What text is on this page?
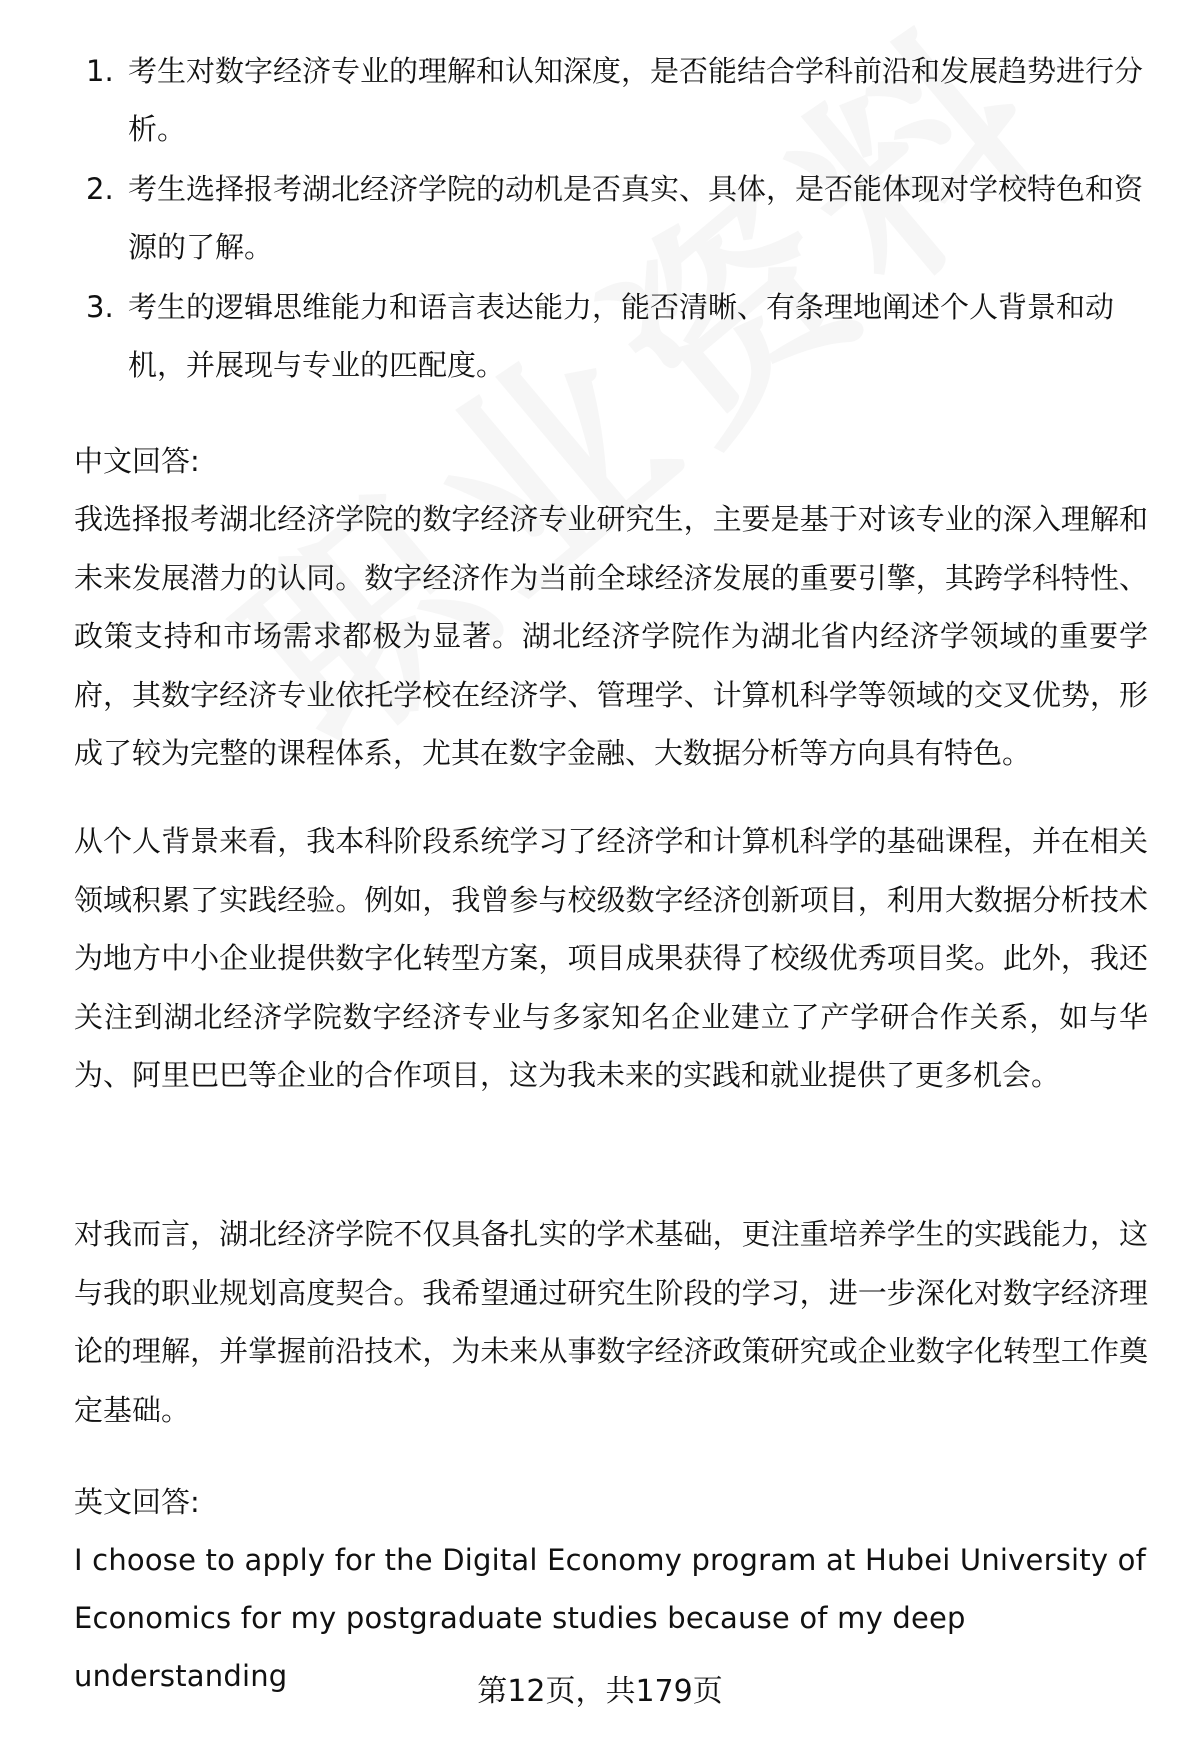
1. 考生对数字经济专业的理解和认知深度，是否能结合学科前沿和发展趋势进行分析。
2. 考生选择报考湖北经济学院的动机是否真实、具体，是否能体现对学校特色和资源的了解。
3. 考生的逻辑思维能力和语言表达能力，能否清晰、有条理地阐述个人背景和动机，并展现与专业的匹配度。

中文回答:

我选择报考湖北经济学院的数字经济专业研究生，主要是基于对该专业的深入理解和未来发展潜力的认同。数字经济作为当前全球经济发展的重要引擎，其跨学科特性、政策支持和市场需求都极为显著。湖北经济学院作为湖北省内经济学领域的重要学府，其数字经济专业依托学校在经济学、管理学、计算机科学等领域的交叉优势，形成了较为完整的课程体系，尤其在数字金融、大数据分析等方向具有特色。

从个人背景来看，我本科阶段系统学习了经济学和计算机科学的基础课程，并在相关领域积累了实践经验。例如，我曾参与校级数字经济创新项目，利用大数据分析技术为地方中小企业提供数字化转型方案，项目成果获得了校级优秀项目奖。此外，我还关注到湖北经济学院数字经济专业与多家知名企业建立了产学研合作关系，如与华为、阿里巴巴等企业的合作项目，这为我未来的实践和就业提供了更多机会。

对我而言，湖北经济学院不仅具备扎实的学术基础，更注重培养学生的实践能力，这与我的职业规划高度契合。我希望通过研究生阶段的学习，进一步深化对数字经济理论的理解，并掌握前沿技术，为未来从事数字经济政策研究或企业数字化转型工作奠定基础。

英文回答:

I choose to apply for the Digital Economy program at Hubei University of Economics for my postgraduate studies because of my deep understanding	第12页，共179页
